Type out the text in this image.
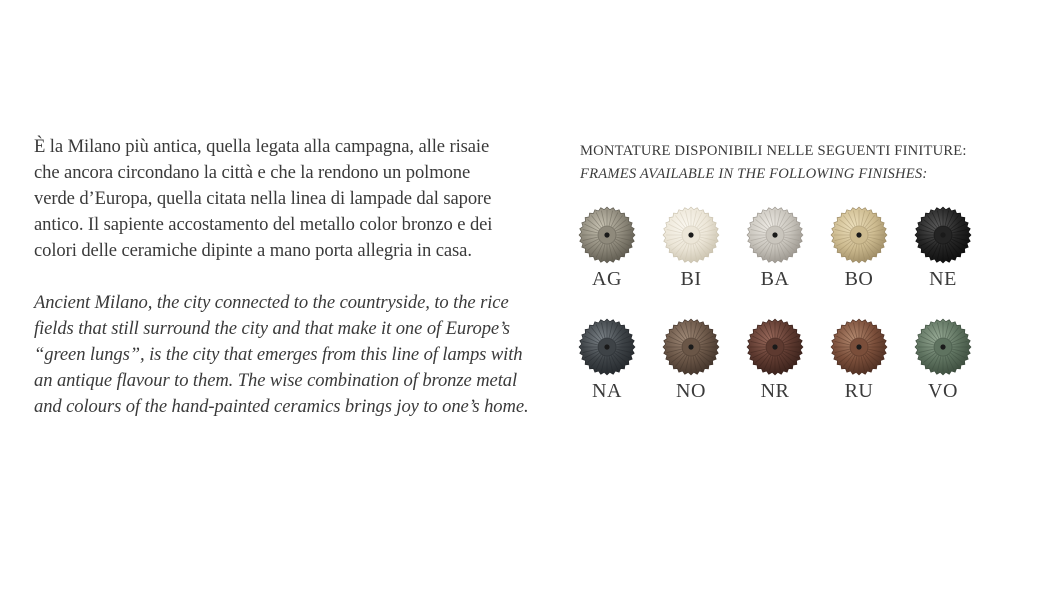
È la Milano più antica, quella legata alla campagna, alle risaie
che ancora circondano la città e che la rendono un polmone
verde d’Europa, quella citata nella linea di lampade dal sapore
antico. Il sapiente accostamento del metallo color bronzo e dei
colori delle ceramiche dipinte a mano porta allegria in casa.

Ancient Milano, the city connected to the countryside, to the rice
fields that still surround the city and that make it one of Europe’s
“green lungs”, is the city that emerges from this line of lamps with
an antique flavour to them. The wise combination of bronze metal
and colours of the hand-painted ceramics brings joy to one’s home.

MONTATURE DISPONIBILI NELLE SEGUENTI FINITURE:
FRAMES AVAILABLE IN THE FOLLOWING FINISHES:
AG	BI	BA	BO	NE
NA	NO	NR	RU	VO
